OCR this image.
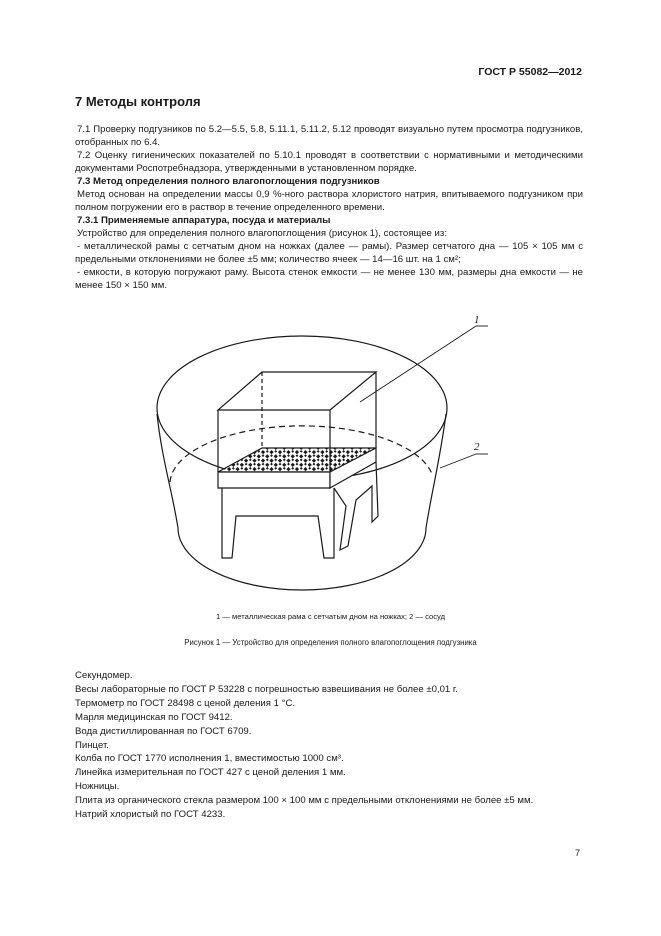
ГОСТ Р 55082—2012
7 Методы контроля

7.1 Проверку подгузников по 5.2—5.5, 5.8, 5.11.1, 5.11.2, 5.12 проводят визуально путем просмотра подгузников, отобранных по 6.4.

7.2 Оценку гигиенических показателей по 5.10.1 проводят в соответствии с нормативными и методическими документами Роспотребнадзора, утвержденными в установленном порядке.

7.3 Метод определения полного влагопоглощения подгузников

Метод основан на определении массы 0,9 %-ного раствора хлористого натрия, впитываемого подгузником при полном погружении его в раствор в течение определенного времени.

7.3.1 Применяемые аппаратура, посуда и материалы

Устройство для определения полного влагопоглощения (рисунок 1), состоящее из:

- металлической рамы с сетчатым дном на ножках (далее — рамы). Размер сетчатого дна — 105 × 105 мм с предельными отклонениями не более ±5 мм; количество ячеек — 14—16 шт. на 1 см²;

- емкости, в которую погружают раму. Высота стенок емкости — не менее 130 мм, размеры дна емкости — не менее 150 × 150 мм.

1
2
1 — металлическая рама с сетчатым дном на ножках; 2 — сосуд
Рисунок 1 — Устройство для определения полного влагопоглощения подгузника

Секундомер.

Весы лабораторные по ГОСТ Р 53228 с погрешностью взвешивания не более ±0,01 г.

Термометр по ГОСТ 28498 с ценой деления 1 °С.

Марля медицинская по ГОСТ 9412.

Вода дистиллированная по ГОСТ 6709.

Пинцет.

Колба по ГОСТ 1770 исполнения 1, вместимостью 1000 см³.

Линейка измерительная по ГОСТ 427 с ценой деления 1 мм.

Ножницы.

Плита из органического стекла размером 100 × 100 мм с предельными отклонениями не более ±5 мм.

Натрий хлористый по ГОСТ 4233.

7
